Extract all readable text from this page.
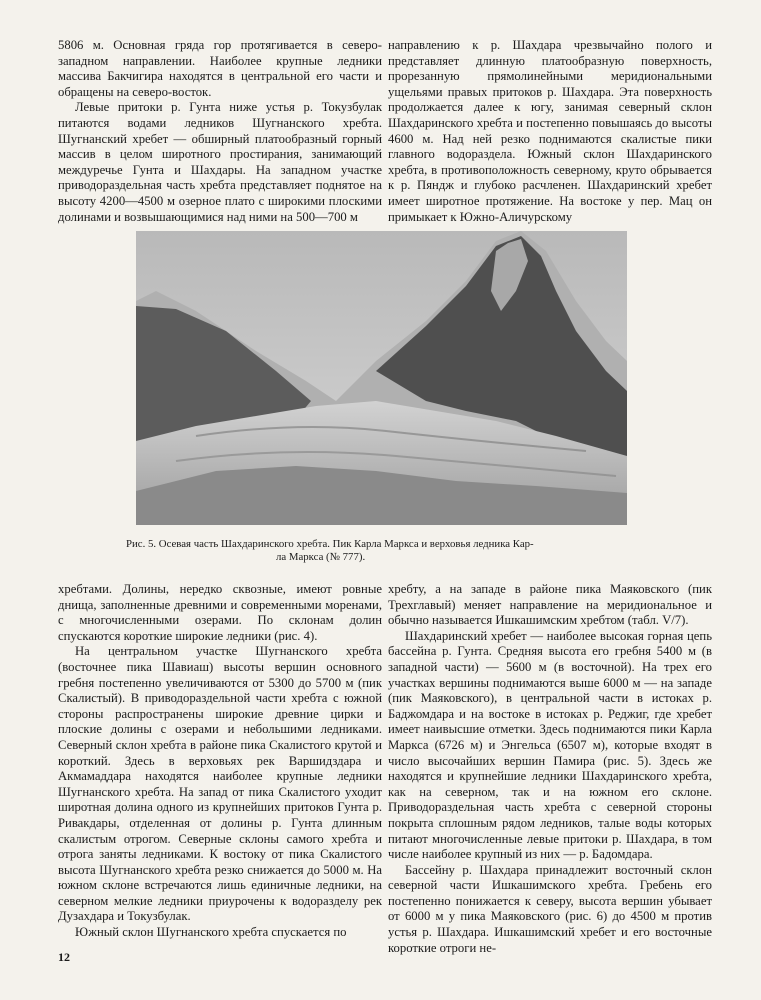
5806 м. Основная гряда гор протягивается в северо-западном направлении. Наиболее крупные ледники массива Бакчигира находятся в центральной его части и обращены на северо-восток.

Левые притоки р. Гунта ниже устья р. Токузбулак питаются водами ледников Шугнанского хребта. Шугнанский хребет — обширный платообразный горный массив в целом широтного простирания, занимающий междуречье Гунта и Шахдары. На западном участке приводораздельная часть хребта представляет поднятое на высоту 4200—4500 м озерное плато с широкими плоскими долинами и возвышающимися над ними на 500—700 м

направлению к р. Шахдара чрезвычайно полого и представляет длинную платообразную поверхность, прорезанную прямолинейными меридиональными ущельями правых притоков р. Шахдара. Эта поверхность продолжается далее к югу, занимая северный склон Шахдаринского хребта и постепенно повышаясь до высоты 4600 м. Над ней резко поднимаются скалистые пики главного водораздела. Южный склон Шахдаринского хребта, в противоположность северному, круто обрывается к р. Пяндж и глубоко расчленен. Шахдаринский хребет имеет широтное протяжение. На востоке у пер. Мац он примыкает к Южно-Аличурскому

Рис. 5. Осевая часть Шахдаринского хребта. Пик Карла Маркса и верховья ледника Кар-
ла Маркса (№ 777).

хребтами. Долины, нередко сквозные, имеют ровные днища, заполненные древними и современными моренами, с многочисленными озерами. По склонам долин спускаются короткие широкие ледники (рис. 4).

На центральном участке Шугнанского хребта (восточнее пика Шавиаш) высоты вершин основного гребня постепенно увеличиваются от 5300 до 5700 м (пик Скалистый). В приводораздельной части хребта с южной стороны распространены широкие древние цирки и плоские долины с озерами и небольшими ледниками. Северный склон хребта в районе пика Скалистого крутой и короткий. Здесь в верховьях рек Варшидздара и Акмамаддара находятся наиболее крупные ледники Шугнанского хребта. На запад от пика Скалистого уходит широтная долина одного из крупнейших притоков Гунта р. Ривакдары, отделенная от долины р. Гунта длинным скалистым отрогом. Северные склоны самого хребта и отрога заняты ледниками. К востоку от пика Скалистого высота Шугнанского хребта резко снижается до 5000 м. На южном склоне встречаются лишь единичные ледники, на северном мелкие ледники приурочены к водоразделу рек Дузахдара и Токузбулак.

Южный склон Шугнанского хребта спускается по

хребту, а на западе в районе пика Маяковского (пик Трехглавый) меняет направление на меридиональное и обычно называется Ишкашимским хребтом (табл. V/7).

Шахдаринский хребет — наиболее высокая горная цепь бассейна р. Гунта. Средняя высота его гребня 5400 м (в западной части) — 5600 м (в восточной). На трех его участках вершины поднимаются выше 6000 м — на западе (пик Маяковского), в центральной части в истоках р. Баджомдара и на востоке в истоках р. Реджиг, где хребет имеет наивысшие отметки. Здесь поднимаются пики Карла Маркса (6726 м) и Энгельса (6507 м), которые входят в число высочайших вершин Памира (рис. 5). Здесь же находятся и крупнейшие ледники Шахдаринского хребта, как на северном, так и на южном его склоне. Приводораздельная часть хребта с северной стороны покрыта сплошным рядом ледников, талые воды которых питают многочисленные левые притоки р. Шахдара, в том числе наиболее крупный из них — р. Бадомдара.

Бассейну р. Шахдара принадлежит восточный склон северной части Ишкашимского хребта. Гребень его постепенно понижается к северу, высота вершин убывает от 6000 м у пика Маяковского (рис. 6) до 4500 м против устья р. Шахдара. Ишкашимский хребет и его восточные короткие отроги не-

12
